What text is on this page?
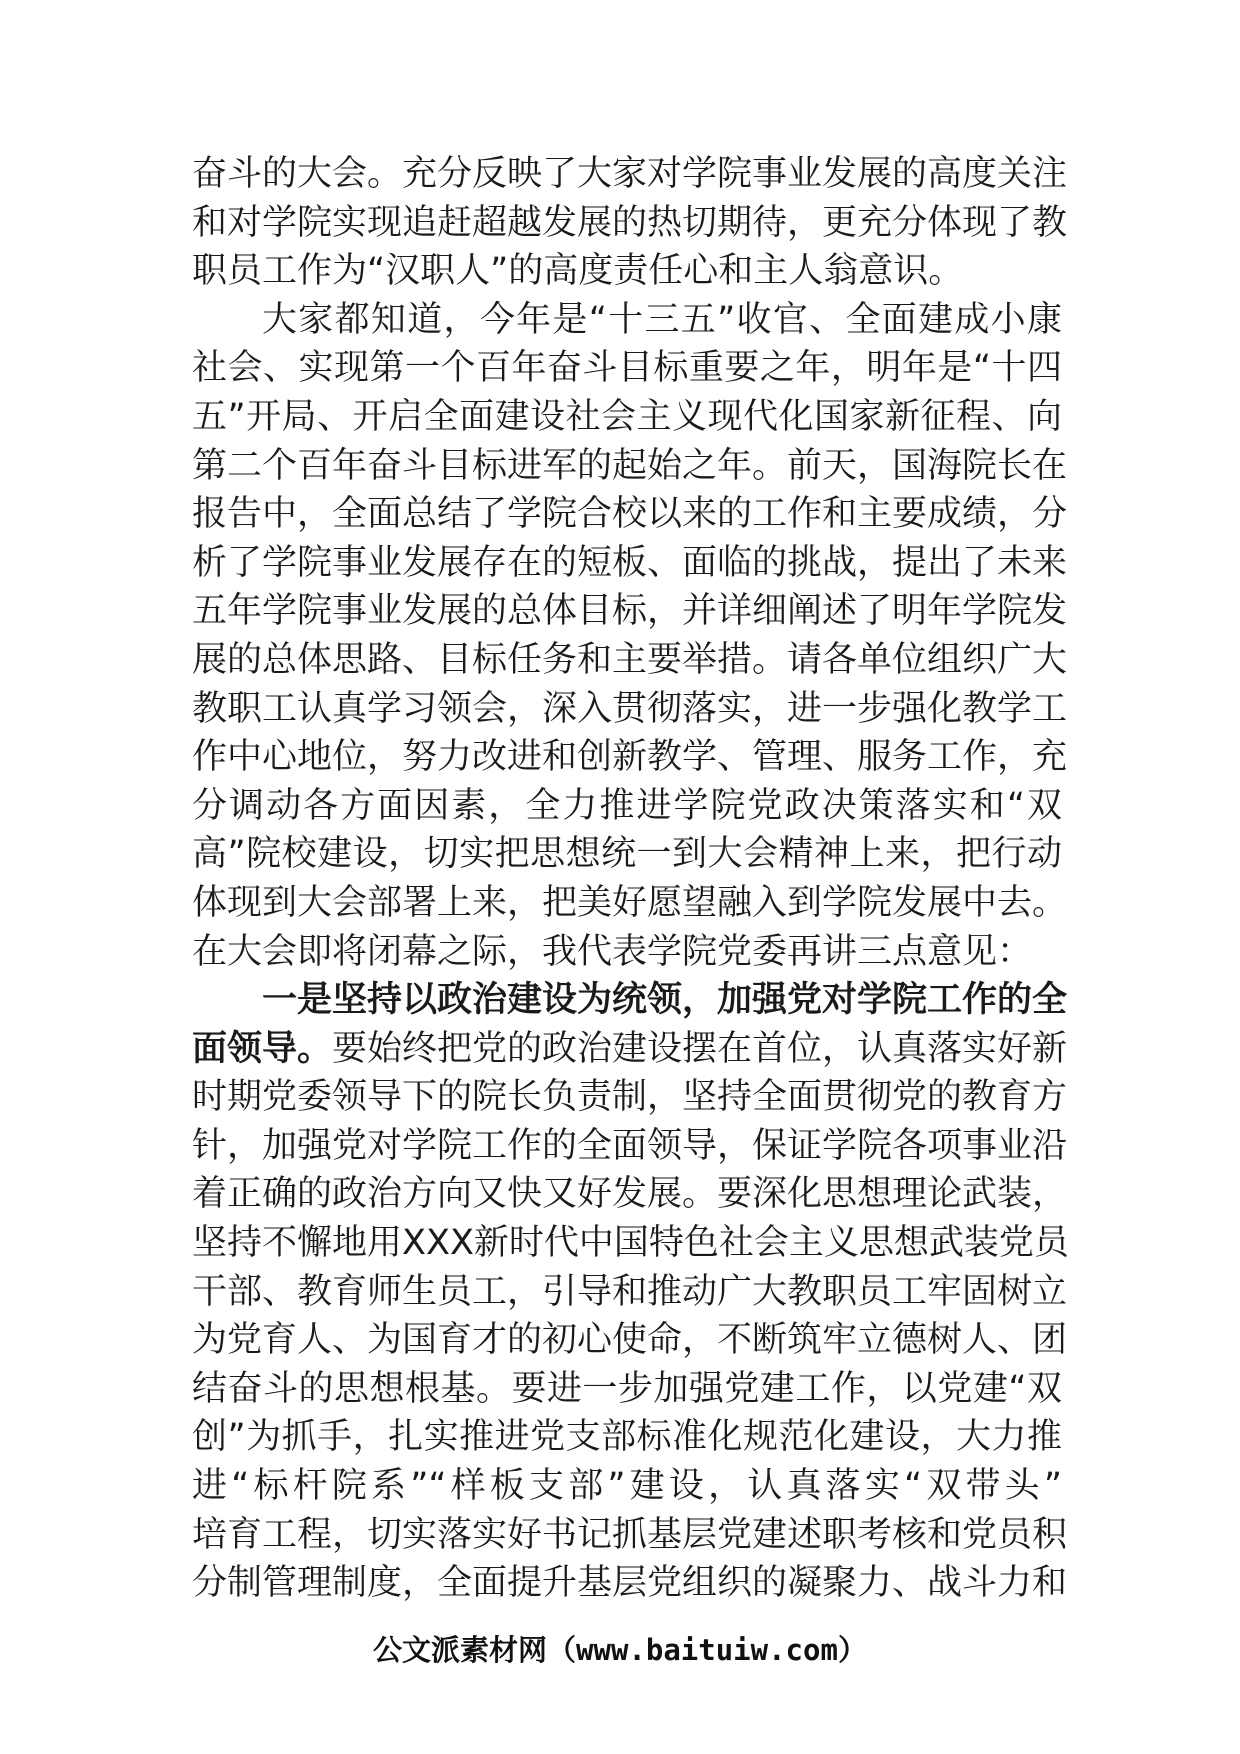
奋斗的大会。充分反映了大家对学院事业发展的高度关注
和对学院实现追赶超越发展的热切期待，更充分体现了教
职员工作为“汉职人”的高度责任心和主人翁意识。
大家都知道，今年是“十三五”收官、全面建成小康
社会、实现第一个百年奋斗目标重要之年，明年是“十四
五”开局、开启全面建设社会主义现代化国家新征程、向
第二个百年奋斗目标进军的起始之年。前天，国海院长在
报告中，全面总结了学院合校以来的工作和主要成绩，分
析了学院事业发展存在的短板、面临的挑战，提出了未来
五年学院事业发展的总体目标，并详细阐述了明年学院发
展的总体思路、目标任务和主要举措。请各单位组织广大
教职工认真学习领会，深入贯彻落实，进一步强化教学工
作中心地位，努力改进和创新教学、管理、服务工作，充
分调动各方面因素，全力推进学院党政决策落实和“双
高”院校建设，切实把思想统一到大会精神上来，把行动
体现到大会部署上来，把美好愿望融入到学院发展中去。
在大会即将闭幕之际，我代表学院党委再讲三点意见：
一是坚持以政治建设为统领，加强党对学院工作的全
面领导。要始终把党的政治建设摆在首位，认真落实好新
时期党委领导下的院长负责制，坚持全面贯彻党的教育方
针，加强党对学院工作的全面领导，保证学院各项事业沿
着正确的政治方向又快又好发展。要深化思想理论武装，
坚持不懈地用XXX新时代中国特色社会主义思想武装党员
干部、教育师生员工，引导和推动广大教职员工牢固树立
为党育人、为国育才的初心使命，不断筑牢立德树人、团
结奋斗的思想根基。要进一步加强党建工作，以党建“双
创”为抓手，扎实推进党支部标准化规范化建设，大力推
进“标杆院系”“样板支部”建设，认真落实“双带头”
培育工程，切实落实好书记抓基层党建述职考核和党员积
分制管理制度，全面提升基层党组织的凝聚力、战斗力和
公文派素材网（www.baituiw.com）
